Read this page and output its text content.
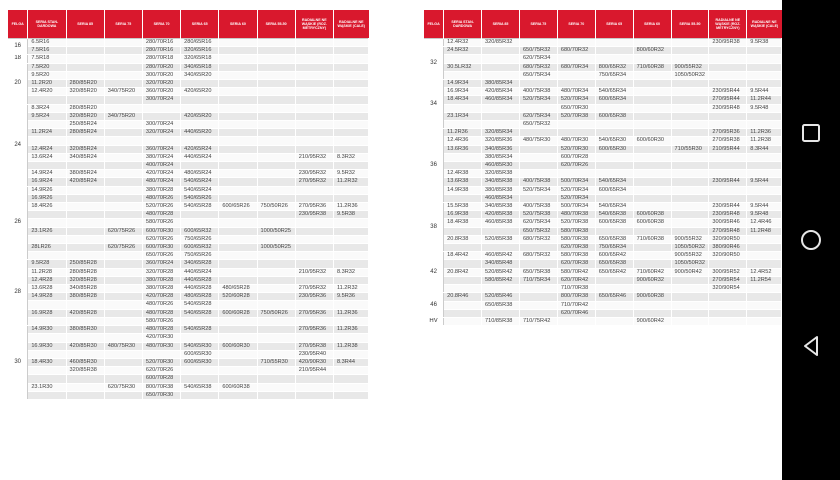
FELGA	SERIA STAN-DARDOWA	SERIA 85	SERIA 75	SERIA 70	SERIA 65	SERIA 60	SERIA 55-50	RADIALNE NE WĄSKIE (ROZ. METRYCZNY)	RADIALNE NE WĄSKIE (CALE)
16	6.5R16			280/70R16	280/65R16				
	7.5R16			280/70R16	320/65R16				
18	7.5R18			280/70R18	320/65R18				
20	7.5R20			280/70R20	340/65R18				
	9.5R20			300/70R20	340/65R20				
	11.2R20	280/85R20		320/70R20					
	12.4R20	320/85R20	340/75R20	360/70R20	420/65R20				
				300/70R24					
24	8.3R24	280/85R20							
	9.5R24	320/85R20	340/75R20		420/65R20				
		250/85R24		300/70R24					
	11.2R24	280/85R24		320/70R24	440/65R20				

	12.4R24	320/85R24		360/70R24	420/65R24				
	13.6R24	340/85R24		380/70R24	440/65R24			210/95R32	8.3R32
				400/70R24					
	14.9R24	380/85R24		420/70R24	480/65R24			230/95R32	9.5R32
	16.9R24	420/85R24		480/70R24	540/65R24			270/95R32	11.2R32
26	14.9R26			380/70R28	540/65R24				
	16.9R26			480/70R26	540/65R26				
	18.4R26			520/70R26	540/65R28	600/65R26	750/50R26	270/95R36	11.2R36
				480/70R28				230/95R38	9.5R38
				580/70R26					
	23.1R26		620/75R26	600/70R30	600/65R32		1000/50R25		
				620/70R26	750/65R26				
	28LR26		620/75R26	600/70R30	600/65R32		1000/50R25		
				650/70R26	750/65R26				
28	9.5R28	250/85R28		360/70R24	340/65R28				
	11.2R28	280/85R28		320/70R28	440/65R24			210/95R32	8.3R32
	12.4R28	320/85R28		380/70R28	440/65R28				
	13.6R28	340/85R28		380/70R28	440/65R28	480/65R28		270/95R32	11.2R32
	14.9R28	380/85R28		420/70R28	480/65R28	520/60R28		230/95R36	9.5R36
				480/70R26	540/65R28				
	16.9R28	420/85R28		480/70R28	540/65R28	600/60R28	750/50R26	270/95R36	11.2R36
				580/70R26					
30	14.9R30	380/85R30		480/70R28	540/65R28			270/95R36	11.2R36
				420/70R30					
	16.9R30	420/85R30	480/75R30	480/70R30	540/65R30	600/60R30		270/95R38	11.2R38
					600/65R30			230/95R40	
	18.4R30	460/85R30		520/70R30	600/65R30		710/55R30	420/90R30	8.3R44
		320/85R38		620/70R26				210/95R44	
				600/70R28					
	23.1R30		620/75R30	800/70R38	540/65R38	600/60R38			
				650/70R30					
FELGA	SERIA STAN-DARDOWA	SERIA 85	SERIA 75	SERIA 70	SERIA 65	SERIA 60	SERIA 55-50	RADIALNE NE WĄSKIE (ROZ. METRYCZNY)	RADIALNE NE WĄSKIE (CALE)
	12.4R32	320/85R32						230/95R38	9.5R38
32	24.5R32		650/75R32	680/70R32		800/60R32			
			620/75R34						
	30.5LR32		680/75R32	680/70R34	800/65R32	710/60R38	900/55R32		
			650/75R34		750/65R34		1050/50R32		
34	14.9R34	380/85R34							
	16.9R34	420/85R34	400/75R38	480/70R34	540/65R34			230/95R44	9.5R44
	18.4R34	460/85R34	520/75R34	520/70R34	600/65R34			270/95R44	11.2R44
				650/70R30				230/95R48	9.5R48
	23.1R34		620/75R34	520/70R38	600/65R38				
			650/75R32						
36	11.2R36	320/85R34						270/95R36	11.2R36
	12.4R36	320/85R36	480/75R30	480/70R30	540/65R30	600/60R30		270/95R38	11.2R38
	13.6R36	340/85R36		520/70R30	600/65R30		710/55R30	210/95R44	8.3R44
		380/85R34		600/70R28					
		460/85R30		620/70R26					
	12.4R38	320/85R38							
	13.6R38	340/85R38	400/75R38	500/70R34	540/65R34			230/95R44	9.5R44
	14.9R38	380/85R38	520/75R34	520/70R34	600/65R34				
		460/85R34		520/70R34					
38	15.5R38	340/85R38	400/75R38	500/70R34	540/65R34			230/95R44	9.5R44
	16.9R38	420/85R38	520/75R38	480/70R38	540/65R38	600/60R38		230/95R48	9.5R48
	18.4R38	460/85R38	620/75R34	520/70R38	600/65R38	600/60R38		300/95R46	12.4R46
			650/75R32	580/70R38				270/95R48	11.2R48
	20.8R38	520/85R38	680/75R32	580/70R38	650/65R38	710/60R38	900/55R32	320/90R50	
				620/70R38	750/65R34		1050/50R32	380/90R46	
42	18.4R42	460/85R42	680/75R32	580/70R38	600/65R42		900/55R32	320/90R50	
		340/85R48		620/70R38	650/65R38		1050/50R32		
	20.8R42	520/85R42	650/75R38	580/70R42	650/65R42	710/60R42	900/50R42	300/95R52	12.4R52
		580/85R42	710/75R34	620/70R42		900/60R32		270/95R54	11.2R54
				710/70R38				320/90R54	
46	20.8R46	520/85R46		800/70R38	650/65R46	900/60R38			
		650/85R38		710/70R42					
				620/70R46					
HV		710/85R38	710/75R42			900/60R42			
